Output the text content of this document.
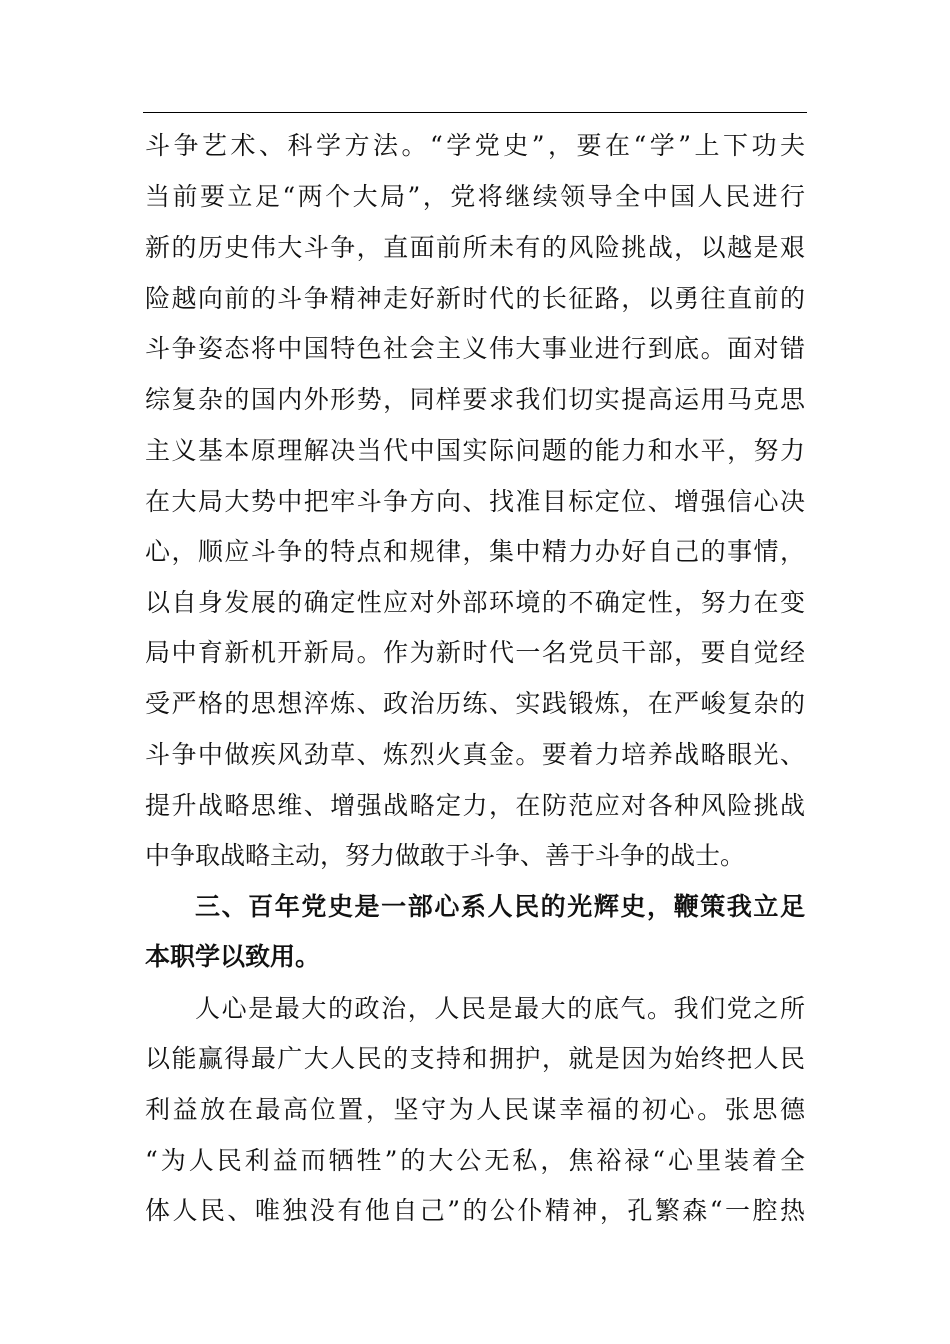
斗争艺术、科学方法。“学党史”，要在“学”上下功夫
当前要立足“两个大局”，党将继续领导全中国人民进行
新的历史伟大斗争，直面前所未有的风险挑战，以越是艰
险越向前的斗争精神走好新时代的长征路，以勇往直前的
斗争姿态将中国特色社会主义伟大事业进行到底。面对错
综复杂的国内外形势，同样要求我们切实提高运用马克思
主义基本原理解决当代中国实际问题的能力和水平，努力
在大局大势中把牢斗争方向、找准目标定位、增强信心决
心，顺应斗争的特点和规律，集中精力办好自己的事情，
以自身发展的确定性应对外部环境的不确定性，努力在变
局中育新机开新局。作为新时代一名党员干部，要自觉经
受严格的思想淬炼、政治历练、实践锻炼，在严峻复杂的
斗争中做疾风劲草、炼烈火真金。要着力培养战略眼光、
提升战略思维、增强战略定力，在防范应对各种风险挑战
中争取战略主动，努力做敢于斗争、善于斗争的战士。
三、百年党史是一部心系人民的光辉史，鞭策我立足
本职学以致用。
人心是最大的政治，人民是最大的底气。我们党之所
以能赢得最广大人民的支持和拥护，就是因为始终把人民
利益放在最高位置，坚守为人民谋幸福的初心。张思德
“为人民利益而牺牲”的大公无私，焦裕禄“心里装着全
体人民、唯独没有他自己”的公仆精神，孔繁森“一腔热
